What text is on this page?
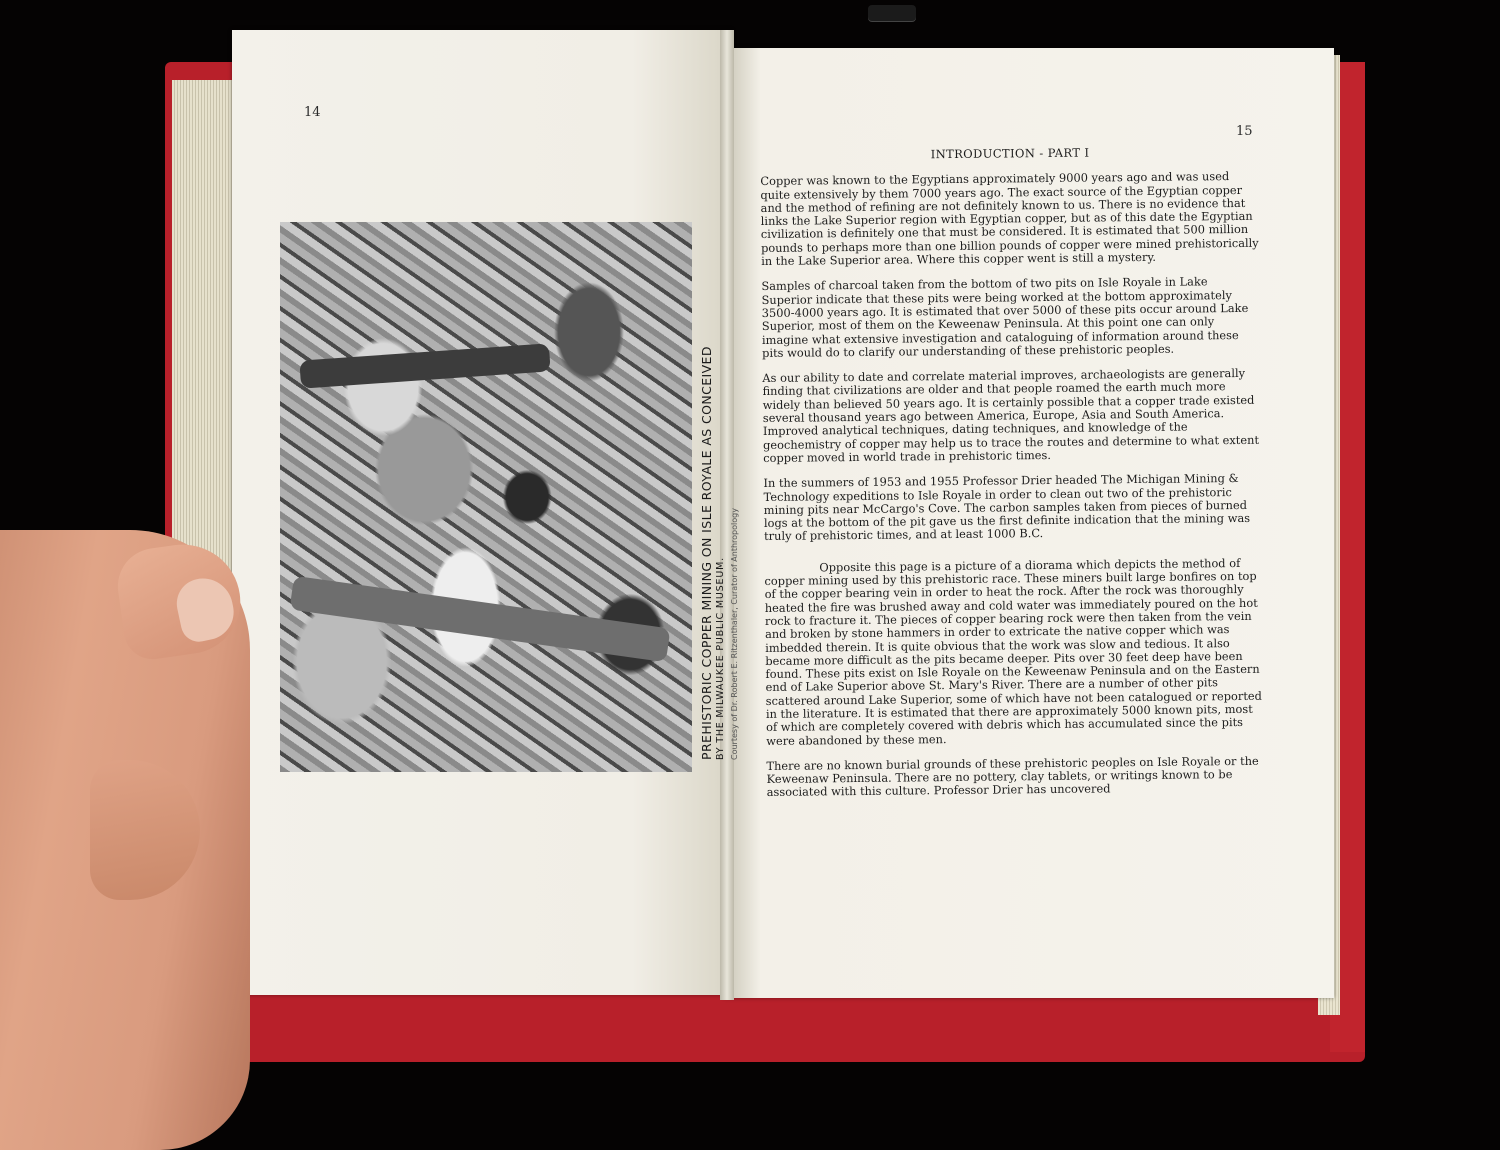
14
15
PREHISTORIC COPPER MINING ON ISLE ROYALE AS CONCEIVED BY THE MILWAUKEE PUBLIC MUSEUM. Courtesy of Dr. Robert E. Ritzenthaler, Curator of Anthropology
INTRODUCTION - PART I

Copper was known to the Egyptians approximately 9000 years ago and was used quite extensively by them 7000 years ago. The exact source of the Egyptian copper and the method of refining are not definitely known to us. There is no evidence that links the Lake Superior region with Egyptian copper, but as of this date the Egyptian civilization is definitely one that must be considered. It is estimated that 500 million pounds to perhaps more than one billion pounds of copper were mined prehistorically in the Lake Superior area. Where this copper went is still a mystery.

Samples of charcoal taken from the bottom of two pits on Isle Royale in Lake Superior indicate that these pits were being worked at the bottom approximately 3500-4000 years ago. It is estimated that over 5000 of these pits occur around Lake Superior, most of them on the Keweenaw Peninsula. At this point one can only imagine what extensive investigation and cataloguing of information around these pits would do to clarify our understanding of these prehistoric peoples.

As our ability to date and correlate material improves, archaeologists are generally finding that civilizations are older and that people roamed the earth much more widely than believed 50 years ago. It is certainly possible that a copper trade existed several thousand years ago between America, Europe, Asia and South America. Improved analytical techniques, dating techniques, and knowledge of the geochemistry of copper may help us to trace the routes and determine to what extent copper moved in world trade in prehistoric times.

In the summers of 1953 and 1955 Professor Drier headed The Michigan Mining & Technology expeditions to Isle Royale in order to clean out two of the prehistoric mining pits near McCargo's Cove. The carbon samples taken from pieces of burned logs at the bottom of the pit gave us the first definite indication that the mining was truly of prehistoric times, and at least 1000 B.C.

Opposite this page is a picture of a diorama which depicts the method of copper mining used by this prehistoric race. These miners built large bonfires on top of the copper bearing vein in order to heat the rock. After the rock was thoroughly heated the fire was brushed away and cold water was immediately poured on the hot rock to fracture it. The pieces of copper bearing rock were then taken from the vein and broken by stone hammers in order to extricate the native copper which was imbedded therein. It is quite obvious that the work was slow and tedious. It also became more difficult as the pits became deeper. Pits over 30 feet deep have been found. These pits exist on Isle Royale on the Keweenaw Peninsula and on the Eastern end of Lake Superior above St. Mary's River. There are a number of other pits scattered around Lake Superior, some of which have not been catalogued or reported in the literature. It is estimated that there are approximately 5000 known pits, most of which are completely covered with debris which has accumulated since the pits were abandoned by these men.

There are no known burial grounds of these prehistoric peoples on Isle Royale or the Keweenaw Peninsula. There are no pottery, clay tablets, or writings known to be associated with this culture. Professor Drier has uncovered
